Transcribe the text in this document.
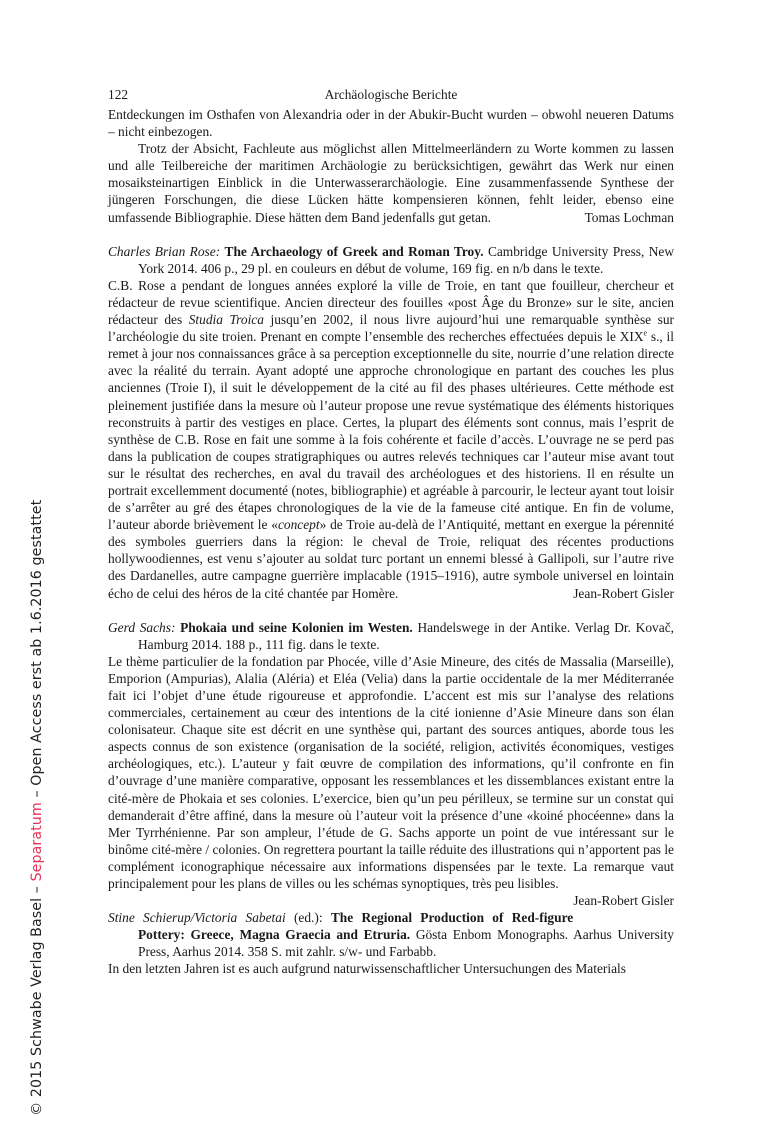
© 2015 Schwabe Verlag Basel – Separatum – Open Access erst ab 1.6.2016 gestattet
122	Archäologische Berichte

Entdeckungen im Osthafen von Alexandria oder in der Abukir-Bucht wurden – obwohl neueren Datums – nicht einbezogen.

Trotz der Absicht, Fachleute aus möglichst allen Mittelmeerländern zu Worte kommen zu lassen und alle Teilbereiche der maritimen Archäologie zu berücksichtigen, gewährt das Werk nur einen mosaiksteinartigen Einblick in die Unterwasserarchäologie. Eine zusammenfassende Synthese der jüngeren Forschungen, die diese Lücken hätte kompensieren können, fehlt leider, ebenso eine umfassende Bibliographie. Diese hätten dem Band jedenfalls gut getan.	Tomas Lochman

Charles Brian Rose: The Archaeology of Greek and Roman Troy. Cambridge University Press, New York 2014. 406 p., 29 pl. en couleurs en début de volume, 169 fig. en n/b dans le texte.

C.B. Rose a pendant de longues années exploré la ville de Troie, en tant que fouilleur, chercheur et rédacteur de revue scientifique. Ancien directeur des fouilles «post Âge du Bronze» sur le site, ancien rédacteur des Studia Troica jusqu’en 2002, il nous livre aujourd’hui une remarquable synthèse sur l’archéologie du site troien. Prenant en compte l’ensemble des recherches effectuées depuis le XIXe s., il remet à jour nos connaissances grâce à sa perception exceptionnelle du site, nourrie d’une relation directe avec la réalité du terrain. Ayant adopté une approche chronologique en partant des couches les plus anciennes (Troie I), il suit le développement de la cité au fil des phases ultérieures. Cette méthode est pleinement justifiée dans la mesure où l’auteur propose une revue systématique des éléments historiques reconstruits à partir des vestiges en place. Certes, la plupart des éléments sont connus, mais l’esprit de synthèse de C.B. Rose en fait une somme à la fois cohérente et facile d’accès. L’ouvrage ne se perd pas dans la publication de coupes stratigraphiques ou autres relevés techniques car l’auteur mise avant tout sur le résultat des recherches, en aval du travail des archéologues et des historiens. Il en résulte un portrait excellemment documenté (notes, bibliographie) et agréable à parcourir, le lecteur ayant tout loisir de s’arrêter au gré des étapes chronologiques de la vie de la fameuse cité antique. En fin de volume, l’auteur aborde brièvement le «concept» de Troie au-delà de l’Antiquité, mettant en exergue la pérennité des symboles guerriers dans la région: le cheval de Troie, reliquat des récentes productions hollywoodiennes, est venu s’ajouter au soldat turc portant un ennemi blessé à Gallipoli, sur l’autre rive des Dardanelles, autre campagne guerrière implacable (1915–1916), autre symbole universel en lointain écho de celui des héros de la cité chantée par Homère.	Jean-Robert Gisler

Gerd Sachs: Phokaia und seine Kolonien im Westen. Handelswege in der Antike. Verlag Dr. Kovač, Hamburg 2014. 188 p., 111 fig. dans le texte.

Le thème particulier de la fondation par Phocée, ville d’Asie Mineure, des cités de Massalia (Marseille), Emporion (Ampurias), Alalia (Aléria) et Eléa (Velia) dans la partie occidentale de la mer Méditerranée fait ici l’objet d’une étude rigoureuse et approfondie. L’accent est mis sur l’analyse des relations commerciales, certainement au cœur des intentions de la cité ionienne d’Asie Mineure dans son élan colonisateur. Chaque site est décrit en une synthèse qui, partant des sources antiques, aborde tous les aspects connus de son existence (organisation de la société, religion, activités économiques, vestiges archéologiques, etc.). L’auteur y fait œuvre de compilation des informations, qu’il confronte en fin d’ouvrage d’une manière comparative, opposant les ressemblances et les dissemblances existant entre la cité-mère de Phokaia et ses colonies. L’exercice, bien qu’un peu périlleux, se termine sur un constat qui demanderait d’être affiné, dans la mesure où l’auteur voit la présence d’une «koiné phocéenne» dans la Mer Tyrrhénienne. Par son ampleur, l’étude de G. Sachs apporte un point de vue intéressant sur le binôme cité-mère / colonies. On regrettera pourtant la taille réduite des illustrations qui n’apportent pas le complément iconographique nécessaire aux informations dispensées par le texte. La remarque vaut principalement pour les plans de villes ou les schémas synoptiques, très peu lisibles.

Jean-Robert Gisler

Stine Schierup/Victoria Sabetai (ed.): The Regional Production of Red-figure Pottery: Greece, Magna Graecia and Etruria. Gösta Enbom Monographs. Aarhus University Press, Aarhus 2014. 358 S. mit zahlr. s/w- und Farbabb.

In den letzten Jahren ist es auch aufgrund naturwissenschaftlicher Untersuchungen des Materials
